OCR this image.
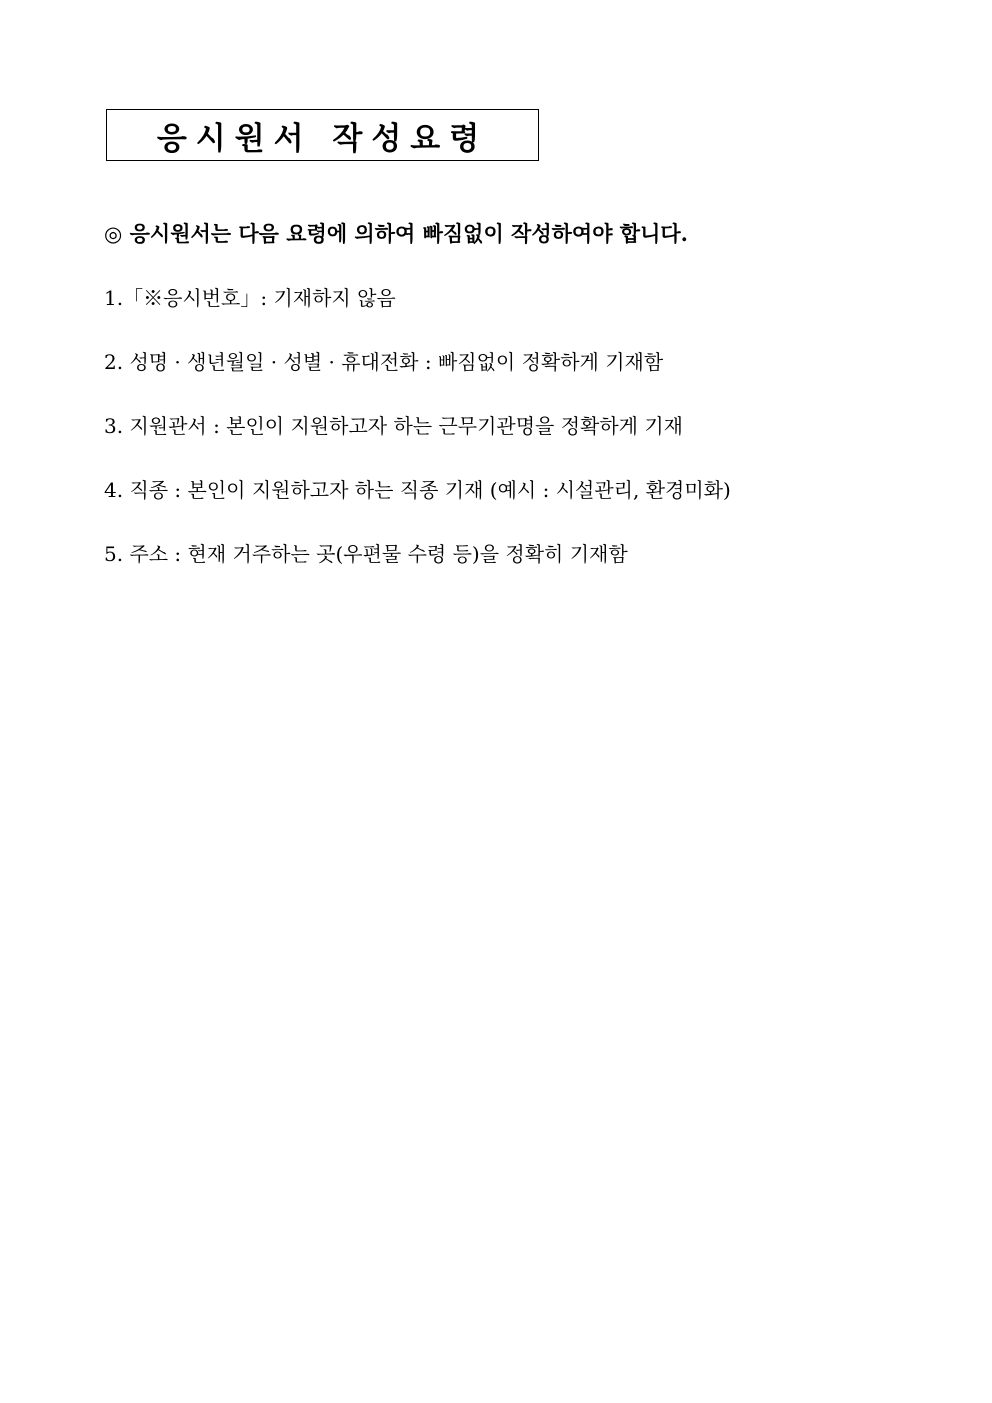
응시원서 작성요령
◎ 응시원서는 다음 요령에 의하여 빠짐없이 작성하여야 합니다.
1.「※응시번호」: 기재하지 않음
2. 성명 · 생년월일 · 성별 · 휴대전화 : 빠짐없이 정확하게 기재함
3. 지원관서 : 본인이 지원하고자 하는 근무기관명을 정확하게 기재
4. 직종 : 본인이 지원하고자 하는 직종 기재 (예시 : 시설관리, 환경미화)
5. 주소 : 현재 거주하는 곳(우편물 수령 등)을 정확히 기재함
